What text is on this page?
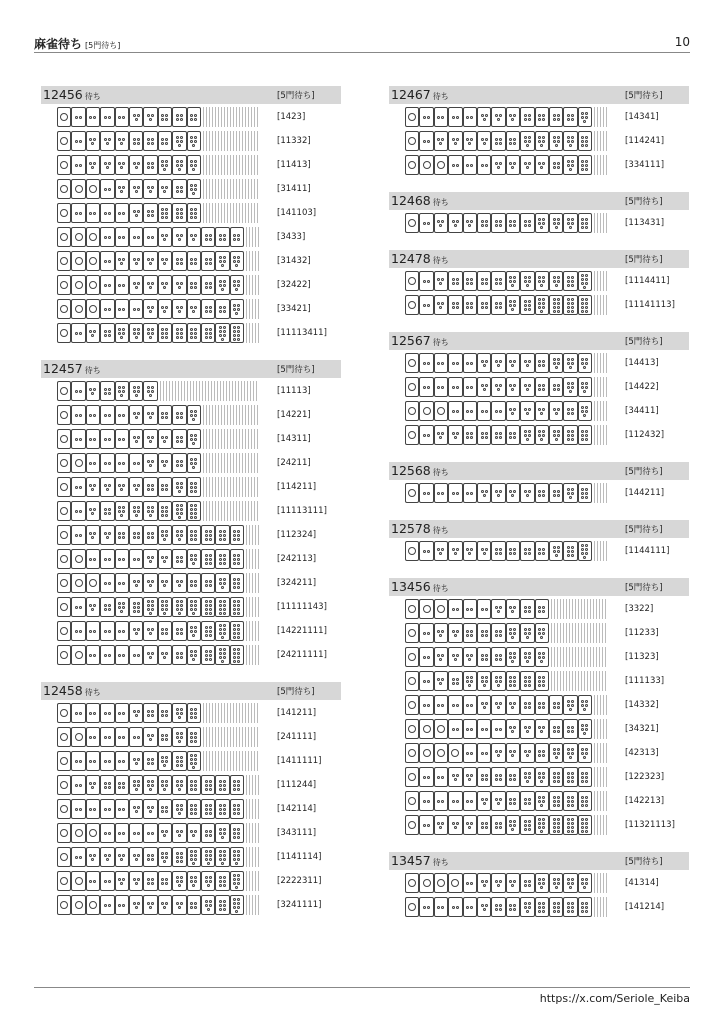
麻雀待ち [5門待ち]	10
12456 待ち	[5門待ち]
[1423]
[11332]
[11413]
[31411]
[141103]
[3433]
[31432]
[32422]
[33421]
[11113411]
12457 待ち	[5門待ち]
[11113]
[14221]
[14311]
[24211]
[114211]
[11113111]
[112324]
[242113]
[324211]
[11111143]
[14221111]
[24211111]
12458 待ち	[5門待ち]
[141211]
[241111]
[1411111]
[111244]
[142114]
[343111]
[1141114]
[2222311]
[3241111]
12467 待ち	[5門待ち]
[14341]
[114241]
[334111]
12468 待ち	[5門待ち]
[113431]
12478 待ち	[5門待ち]
[1114411]
[11141113]
12567 待ち	[5門待ち]
[14413]
[14422]
[34411]
[112432]
12568 待ち	[5門待ち]
[144211]
12578 待ち	[5門待ち]
[1144111]
13456 待ち	[5門待ち]
[3322]
[11233]
[11323]
[111133]
[14332]
[34321]
[42313]
[122323]
[142213]
[11321113]
13457 待ち	[5門待ち]
[41314]
[141214]
https://x.com/Seriole_Keiba
